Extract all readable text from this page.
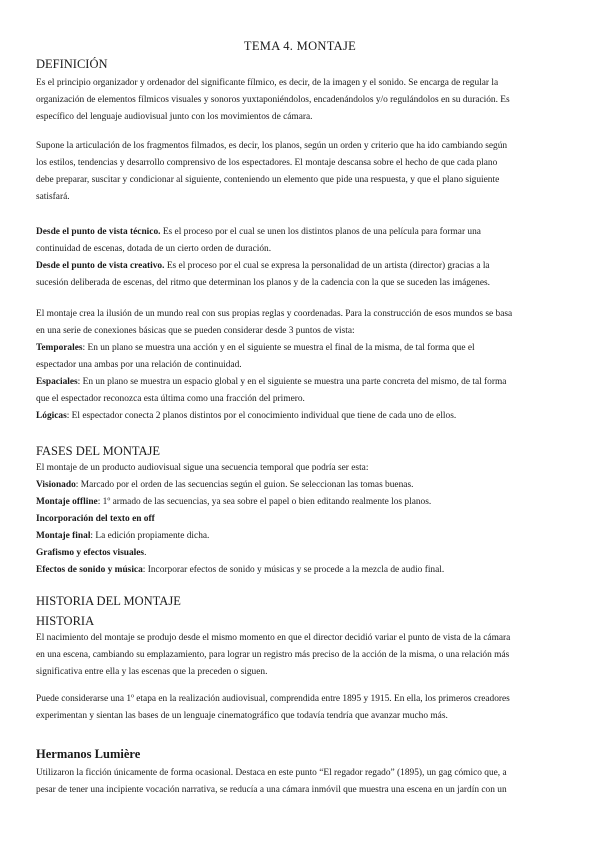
TEMA 4. MONTAJE
DEFINICIÓN

Es el principio organizador y ordenador del significante fílmico, es decir, de la imagen y el sonido. Se encarga de regular la
organización de elementos fílmicos visuales y sonoros yuxtaponiéndolos, encadenándolos y/o regulándolos en su duración. Es
específico del lenguaje audiovisual junto con los movimientos de cámara.

Supone la articulación de los fragmentos filmados, es decir, los planos, según un orden y criterio que ha ido cambiando según
los estilos, tendencias y desarrollo comprensivo de los espectadores. El montaje descansa sobre el hecho de que cada plano
debe preparar, suscitar y condicionar al siguiente, conteniendo un elemento que pide una respuesta, y que el plano siguiente
satisfará.

Desde el punto de vista técnico. Es el proceso por el cual se unen los distintos planos de una película para formar una
continuidad de escenas, dotada de un cierto orden de duración.
Desde el punto de vista creativo. Es el proceso por el cual se expresa la personalidad de un artista (director) gracias a la
sucesión deliberada de escenas, del ritmo que determinan los planos y de la cadencia con la que se suceden las imágenes.

El montaje crea la ilusión de un mundo real con sus propias reglas y coordenadas. Para la construcción de esos mundos se basa
en una serie de conexiones básicas que se pueden considerar desde 3 puntos de vista:
Temporales: En un plano se muestra una acción y en el siguiente se muestra el final de la misma, de tal forma que el
espectador una ambas por una relación de continuidad.
Espaciales: En un plano se muestra un espacio global y en el siguiente se muestra una parte concreta del mismo, de tal forma
que el espectador reconozca esta última como una fracción del primero.
Lógicas: El espectador conecta 2 planos distintos por el conocimiento individual que tiene de cada uno de ellos.

FASES DEL MONTAJE

El montaje de un producto audiovisual sigue una secuencia temporal que podría ser esta:
Visionado: Marcado por el orden de las secuencias según el guion. Se seleccionan las tomas buenas.
Montaje offline: 1º armado de las secuencias, ya sea sobre el papel o bien editando realmente los planos.
Incorporación del texto en off
Montaje final: La edición propiamente dicha.
Grafismo y efectos visuales.
Efectos de sonido y música: Incorporar efectos de sonido y músicas y se procede a la mezcla de audio final.

HISTORIA DEL MONTAJE
HISTORIA

El nacimiento del montaje se produjo desde el mismo momento en que el director decidió variar el punto de vista de la cámara
en una escena, cambiando su emplazamiento, para lograr un registro más preciso de la acción de la misma, o una relación más
significativa entre ella y las escenas que la preceden o siguen.

Puede considerarse una 1º etapa en la realización audiovisual, comprendida entre 1895 y 1915. En ella, los primeros creadores
experimentan y sientan las bases de un lenguaje cinematográfico que todavía tendría que avanzar mucho más.

Hermanos Lumière

Utilizaron la ficción únicamente de forma ocasional. Destaca en este punto “El regador regado” (1895), un gag cómico que, a
pesar de tener una incipiente vocación narrativa, se reducía a una cámara inmóvil que muestra una escena en un jardín con un
